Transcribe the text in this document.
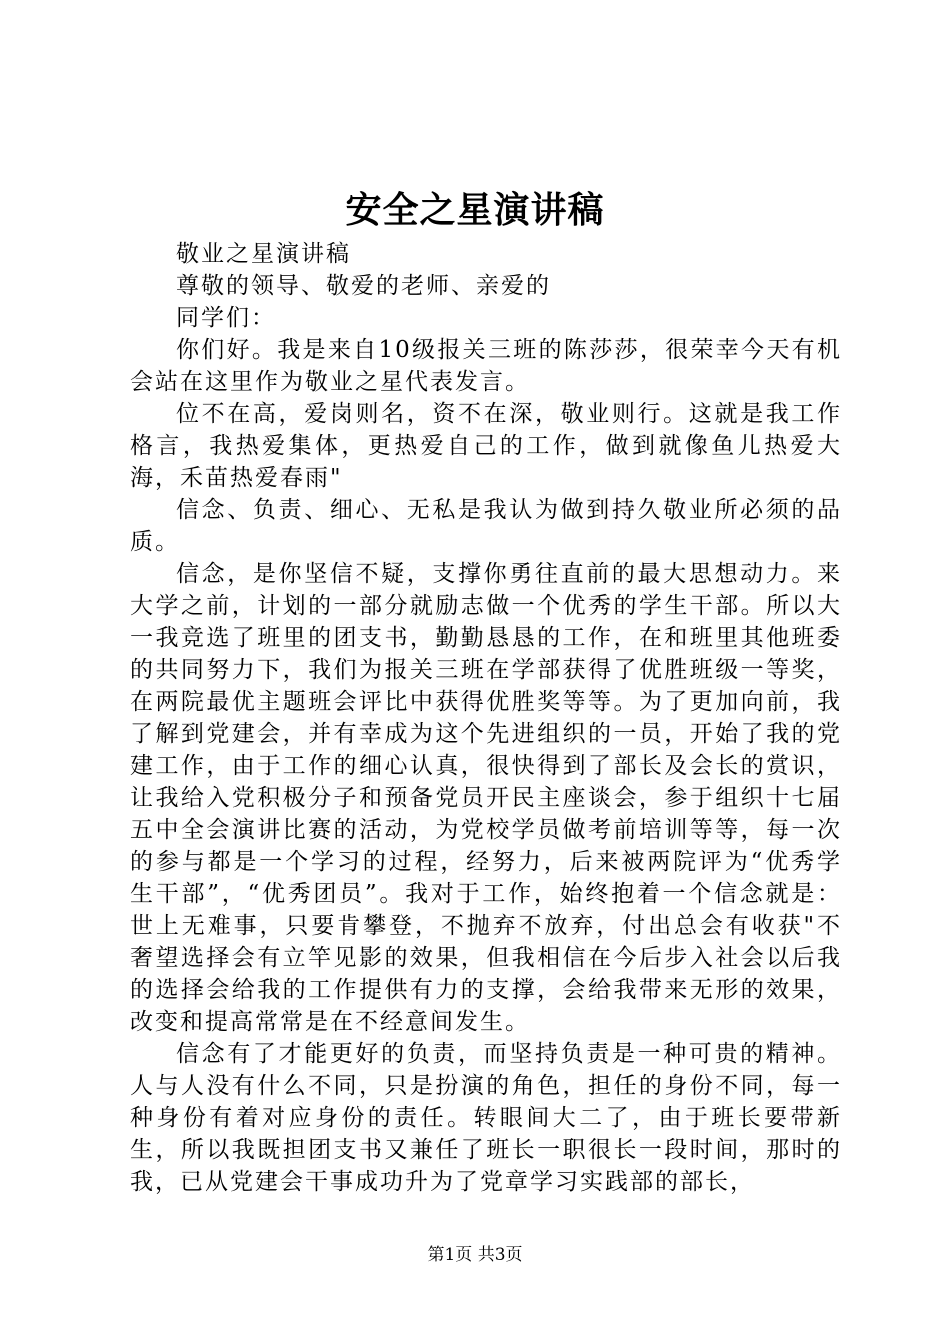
安全之星演讲稿

敬业之星演讲稿

尊敬的领导、敬爱的老师、亲爱的

同学们：

你们好。我是来自10级报关三班的陈莎莎，很荣幸今天有机会站在这里作为敬业之星代表发言。

位不在高，爱岗则名，资不在深，敬业则行。这就是我工作格言，我热爱集体，更热爱自己的工作，做到就像鱼儿热爱大海，禾苗热爱春雨"

信念、负责、细心、无私是我认为做到持久敬业所必须的品质。

信念，是你坚信不疑，支撑你勇往直前的最大思想动力。来大学之前，计划的一部分就励志做一个优秀的学生干部。所以大一我竞选了班里的团支书，勤勤恳恳的工作，在和班里其他班委的共同努力下，我们为报关三班在学部获得了优胜班级一等奖，在两院最优主题班会评比中获得优胜奖等等。为了更加向前，我了解到党建会，并有幸成为这个先进组织的一员，开始了我的党建工作，由于工作的细心认真，很快得到了部长及会长的赏识，让我给入党积极分子和预备党员开民主座谈会，参于组织十七届五中全会演讲比赛的活动，为党校学员做考前培训等等，每一次的参与都是一个学习的过程，经努力，后来被两院评为“优秀学生干部”，“优秀团员”。我对于工作，始终抱着一个信念就是：世上无难事，只要肯攀登，不抛弃不放弃，付出总会有收获"不奢望选择会有立竿见影的效果，但我相信在今后步入社会以后我的选择会给我的工作提供有力的支撑，会给我带来无形的效果，改变和提高常常是在不经意间发生。

信念有了才能更好的负责，而坚持负责是一种可贵的精神。人与人没有什么不同，只是扮演的角色，担任的身份不同，每一种身份有着对应身份的责任。转眼间大二了，由于班长要带新生，所以我既担团支书又兼任了班长一职很长一段时间，那时的我，已从党建会干事成功升为了党章学习实践部的部长，

第1页 共3页
